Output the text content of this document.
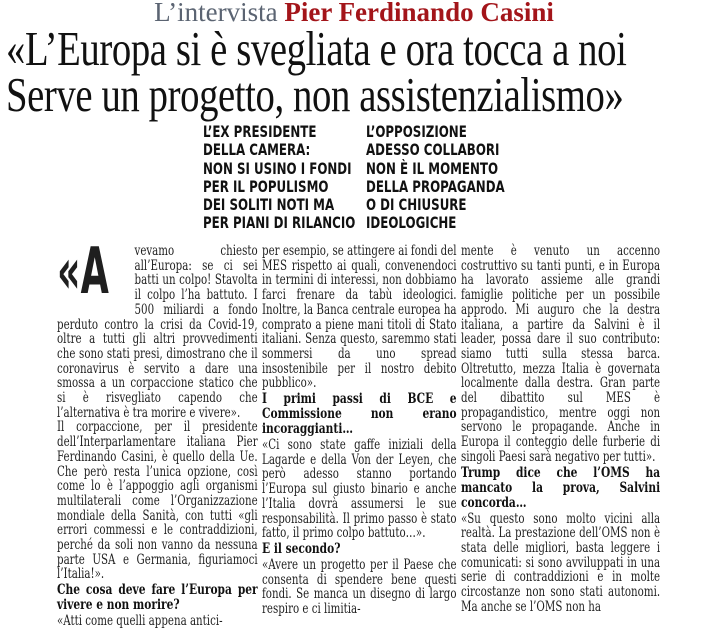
L’intervista Pier Ferdinando Casini
«L’Europa si è svegliata e ora tocca a noi
Serve un progetto, non assistenzialismo»
L’EX PRESIDENTE
DELLA CAMERA:
NON SI USINO I FONDI
PER IL POPULISMO
DEI SOLITI NOTI MA
PER PIANI DI RILANCIO
L’OPPOSIZIONE
ADESSO COLLABORI
NON È IL MOMENTO
DELLA PROPAGANDA
O DI CHIUSURE
IDEOLOGICHE
«A	vevamo chiesto all’Europa: se ci sei batti un colpo! Stavolta il colpo l’ha battuto. I 500 miliardi a fondo perduto contro la crisi da Covid-19, oltre a tutti gli altri provvedimenti che sono stati presi, dimostrano che il coronavirus è servito a dare una smossa a un corpaccione statico che si è risvegliato capendo che l’alternativa è tra morire e vivere».

Il corpaccione, per il presidente dell’Interparlamentare italiana Pier Ferdinando Casini, è quello della Ue. Che però resta l’unica opzione, così come lo è l’appoggio agli organismi multilaterali come l’Organizzazione mondiale della Sanità, con tutti «gli errori commessi e le contraddizioni, perché da soli non vanno da nessuna parte USA e Germania, figuriamoci l’Italia!».

Che cosa deve fare l’Europa per vivere e non morire?

«Atti come quelli appena antici-

per esempio, se attingere ai fondi del MES rispetto ai quali, convenendoci in termini di interessi, non dobbiamo farci frenare da tabù ideologici. Inoltre, la Banca centrale europea ha comprato a piene mani titoli di Stato italiani. Senza questo, saremmo stati sommersi da uno spread insostenibile per il nostro debito pubblico».

I primi passi di BCE e Commissione non erano incoraggianti…

«Ci sono state gaffe iniziali della Lagarde e della Von der Leyen, che però adesso stanno portando l’Europa sul giusto binario e anche l’Italia dovrà assumersi le sue responsabilità. Il primo passo è stato fatto, il primo colpo battuto…».

E il secondo?

«Avere un progetto per il Paese che consenta di spendere bene questi fondi. Se manca un disegno di largo respiro e ci limitia-

mente è venuto un accenno costruttivo su tanti punti, e in Europa ha lavorato assieme alle grandi famiglie politiche per un possibile approdo. Mi auguro che la destra italiana, a partire da Salvini è il leader, possa dare il suo contributo: siamo tutti sulla stessa barca. Oltretutto, mezza Italia è governata localmente dalla destra. Gran parte del dibattito sul MES è propagandistico, mentre oggi non servono le propagande. Anche in Europa il conteggio delle furberie di singoli Paesi sarà negativo per tutti».

Trump dice che l’OMS ha mancato la prova, Salvini concorda…

«Su questo sono molto vicini alla realtà. La prestazione dell’OMS non è stata delle migliori, basta leggere i comunicati: si sono avviluppati in una serie di contraddizioni e in molte circostanze non sono stati autonomi. Ma anche se l’OMS non ha
